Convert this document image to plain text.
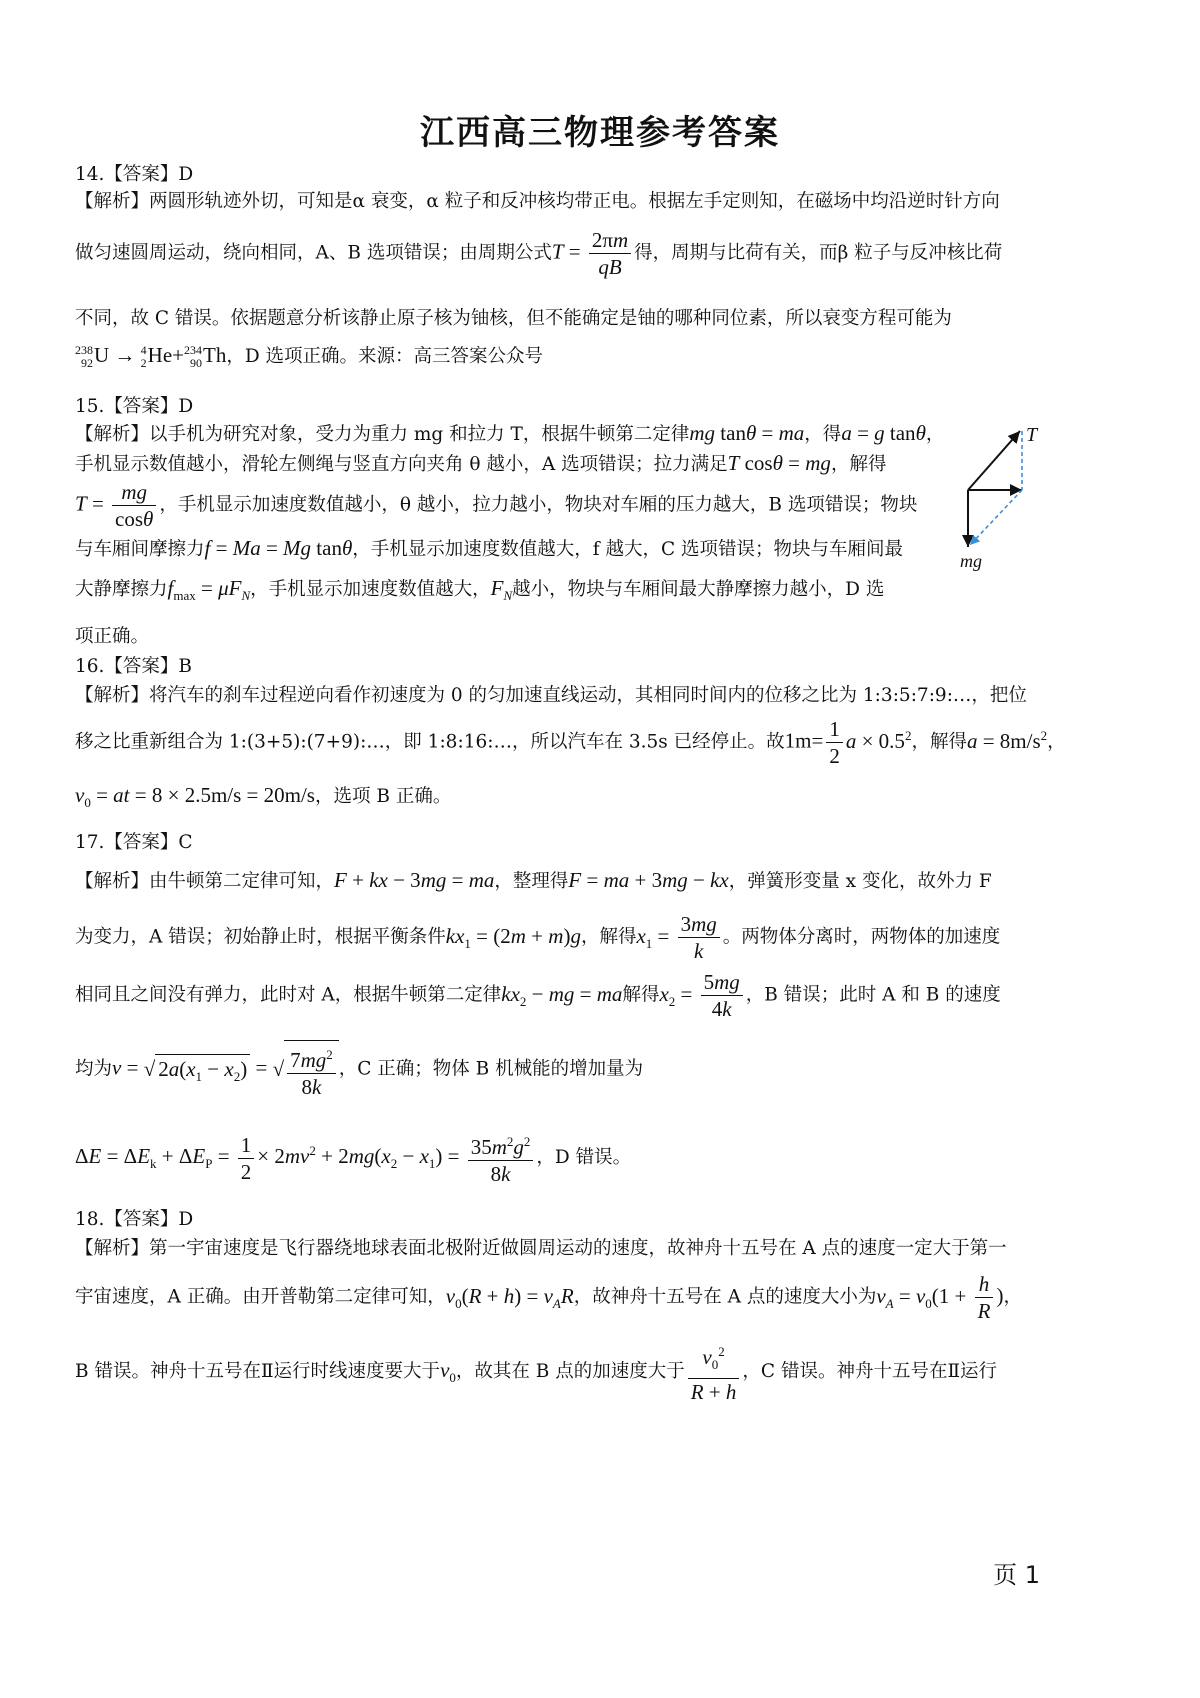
江西高三物理参考答案
14.【答案】D
【解析】两圆形轨迹外切，可知是α 衰变，α 粒子和反冲核均带正电。根据左手定则知，在磁场中均沿逆时针方向
做匀速圆周运动，绕向相同，A、B 选项错误；由周期公式$T = \frac{2\pi m}{qB}$ 得，周期与比荷有关，而β 粒子与反冲核比荷
不同，故 C 错误。依据题意分析该静止原子核为铀核，但不能确定是铀的哪种同位素，所以衰变方程可能为
238
92U → 4
2He+234
90Th，D 选项正确。来源：高三答案公众号
15.【答案】D
【解析】以手机为研究对象，受力为重力 mg 和拉力 T，根据牛顿第二定律mg tanθ = ma，得a = g tanθ，
手机显示数值越小，滑轮左侧绳与竖直方向夹角 θ 越小，A 选项错误；拉力满足T cosθ = mg，解得
$T = \frac{mg}{\cos\theta}$ ，手机显示加速度数值越小，θ 越小，拉力越小，物块对车厢的压力越大，B 选项错误；物块
与车厢间摩擦力f = Ma = Mg tanθ，手机显示加速度数值越大，f 越大，C 选项错误；物块与车厢间最
大静摩擦力$f_{max} = \mu F_N$，手机显示加速度数值越大，$F_N$越小，物块与车厢间最大静摩擦力越小，D 选
项正确。
T
mg
16.【答案】B
【解析】将汽车的刹车过程逆向看作初速度为 0 的匀加速直线运动，其相同时间内的位移之比为 1:3:5:7:9:…，把位
移之比重新组合为 1:(3+5):(7+9):…，即 1:8:16:…，所以汽车在 3.5s 已经停止。故$1m= \frac{1}{2}$ $a \times 0.5^2$，解得$a = 8m/s^2$，
$v_0$ = at = 8 × 2.5m/s = 20m/s，选项 B 正确。
17.【答案】C
【解析】由牛顿第二定律可知，F + kx − 3mg = ma，整理得F = ma + 3mg − kx，弹簧形变量 x 变化，故外力 F
为变力，A 错误；初始静止时，根据平衡条件$kx_1 = (2m + m)g$，解得$x_1 = \frac{3mg}{k}$ 。两物体分离时，两物体的加速度
相同且之间没有弹力，此时对 A，根据牛顿第二定律$kx_2$ − mg = ma解得$x_2 = \frac{5mg}{4k}$ ，B 错误；此时 A 和 B 的速度
均为v = √ $2a(x_1 - x_2)$ = √ $\frac{7mg^2}{8k}$ ，C 正确；物体 B 机械能的增加量为
$\Delta E = \Delta E_k + \Delta E_P = \frac{1}{2} \times 2mv^2 + 2mg(x_2 - x_1) = \frac{35m^2g^2}{8k}$ ，D 错误。
18.【答案】D
【解析】第一宇宙速度是飞行器绕地球表面北极附近做圆周运动的速度，故神舟十五号在 A 点的速度一定大于第一
宇宙速度，A 正确。由开普勒第二定律可知，$v_0(R + h) = v_AR$，故神舟十五号在 A 点的速度大小为$v_A = v_0(1 + \frac{h}{R}$ )，
B 错误。神舟十五号在Ⅱ运行时线速度要大于$v_0$，故其在 B 点的加速度大于 $\frac{v_0^2}{R + h}$ ，C 错误。神舟十五号在Ⅱ运行
页 1
